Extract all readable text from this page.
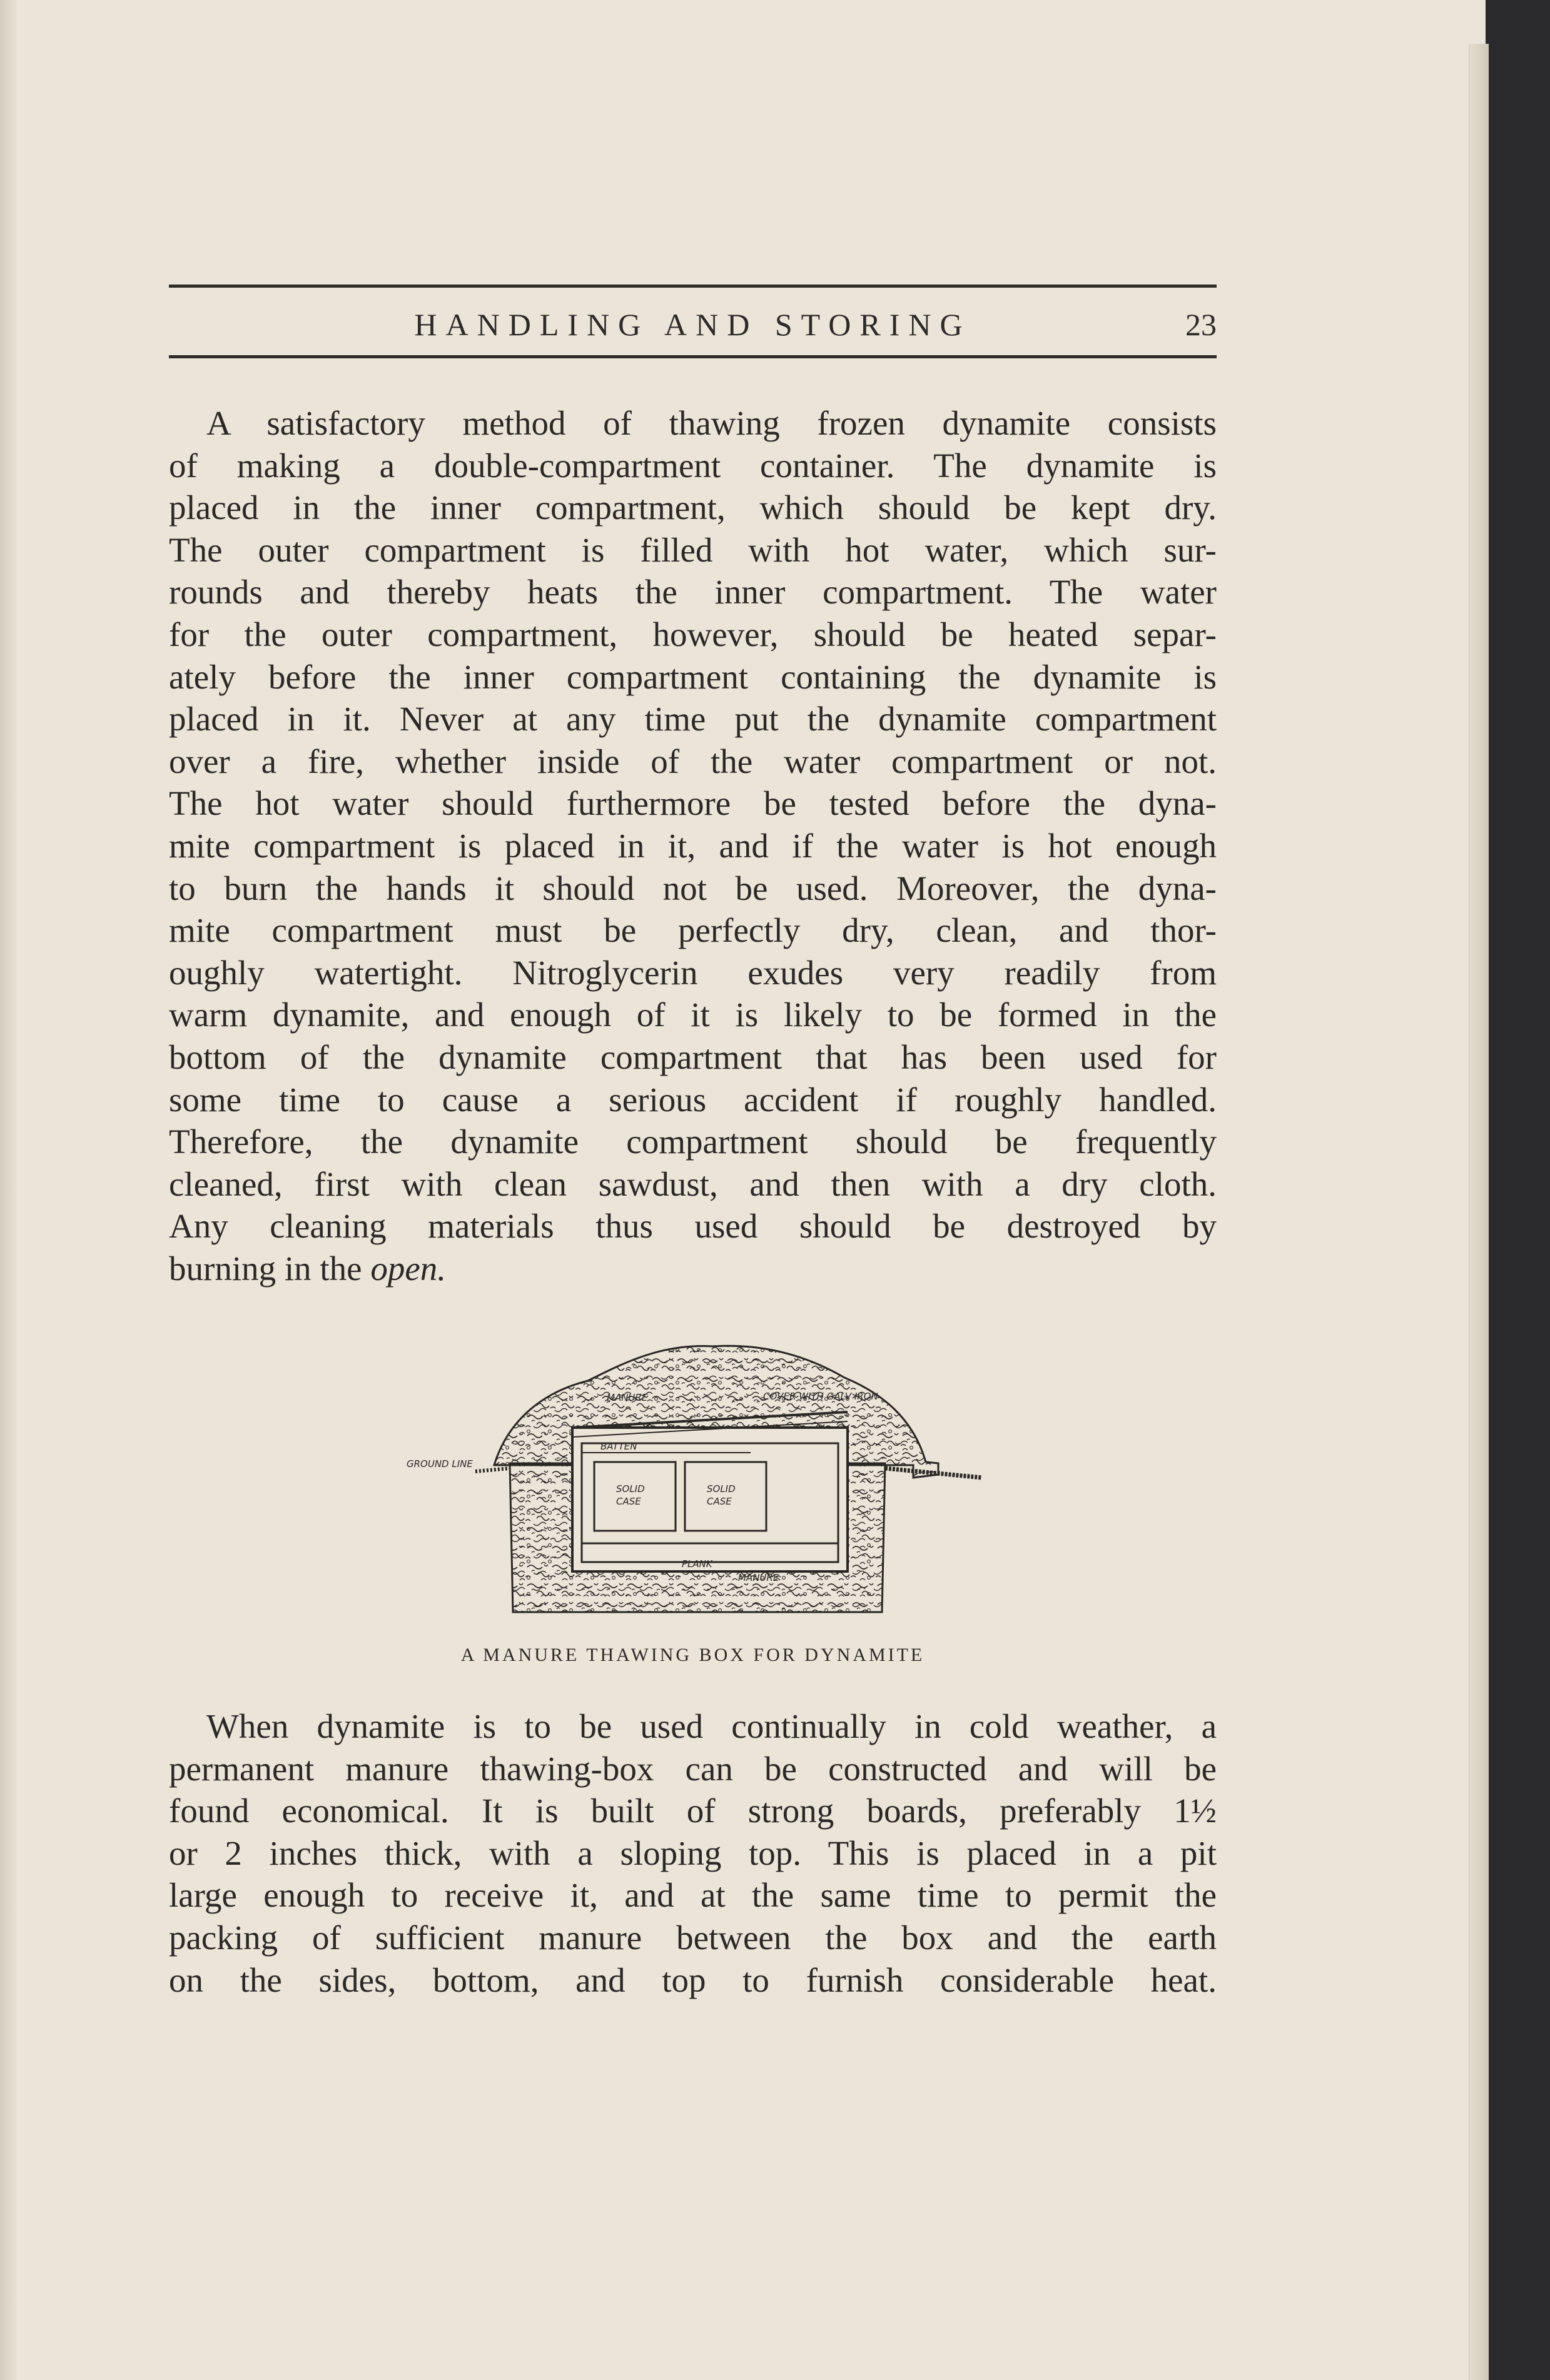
HANDLING AND STORING	23
A satisfactory method of thawing frozen dynamite consists
of making a double-compartment container. The dynamite is
placed in the inner compartment, which should be kept dry.
The outer compartment is filled with hot water, which sur-
rounds and thereby heats the inner compartment. The water
for the outer compartment, however, should be heated separ-
ately before the inner compartment containing the dynamite is
placed in it. Never at any time put the dynamite compartment
over a fire, whether inside of the water compartment or not.
The hot water should furthermore be tested before the dyna-
mite compartment is placed in it, and if the water is hot enough
to burn the hands it should not be used. Moreover, the dyna-
mite compartment must be perfectly dry, clean, and thor-
oughly watertight. Nitroglycerin exudes very readily from
warm dynamite, and enough of it is likely to be formed in the
bottom of the dynamite compartment that has been used for
some time to cause a serious accident if roughly handled.
Therefore, the dynamite compartment should be frequently
cleaned, first with clean sawdust, and then with a dry cloth.
Any cleaning materials thus used should be destroyed by
burning in the open.
MANURE	COVER WITH GALV IRON
GROUND LINE
BATTEN
SOLID
CASE
SOLID
CASE
PLANK
MANURE
A MANURE THAWING BOX FOR DYNAMITE
When dynamite is to be used continually in cold weather, a
permanent manure thawing-box can be constructed and will be
found economical. It is built of strong boards, preferably 1½
or 2 inches thick, with a sloping top. This is placed in a pit
large enough to receive it, and at the same time to permit the
packing of sufficient manure between the box and the earth
on the sides, bottom, and top to furnish considerable heat.
